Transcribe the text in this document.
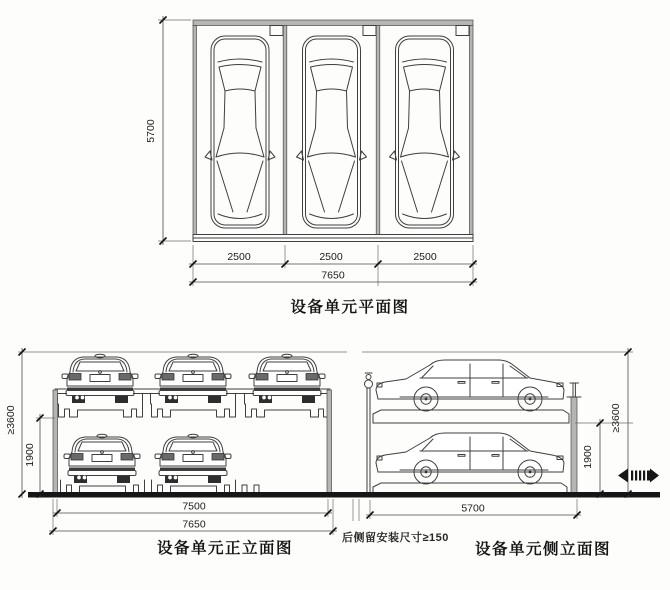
5700
2500	2500	2500
7650
设备单元平面图
≥3600
1900
7500
7650
设备单元正立面图
≥3600
1900
5700
后侧留安装尺寸≥150
设备单元侧立面图
